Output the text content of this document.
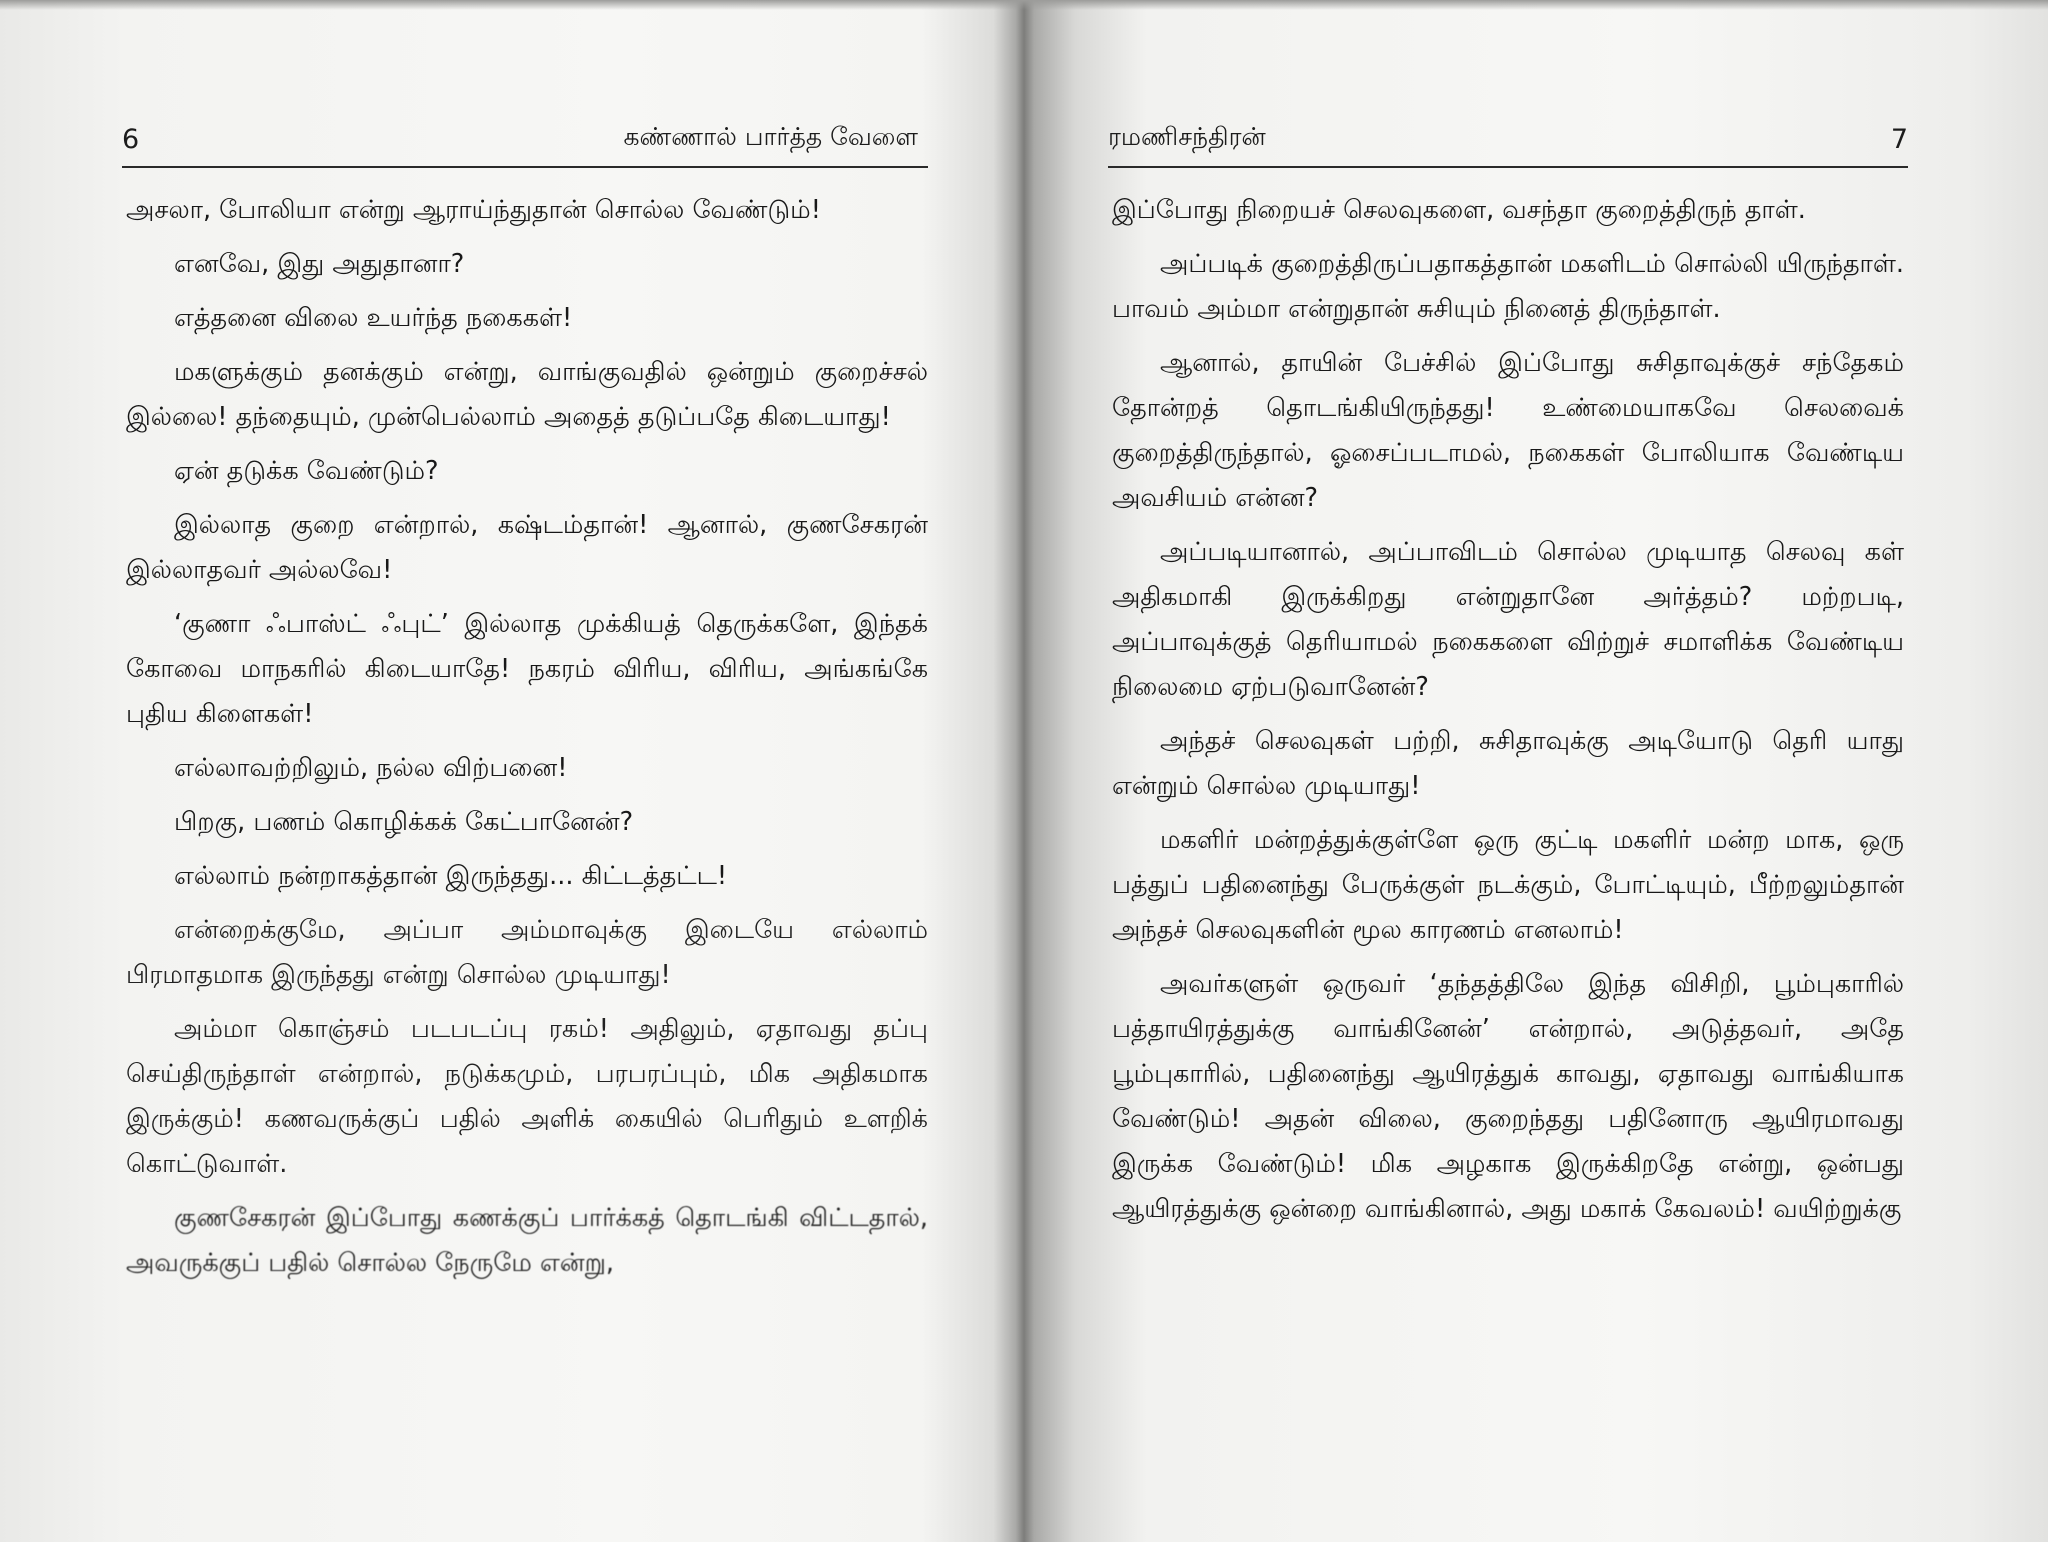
6	கண்ணால் பார்த்த வேளை

அசலா, போலியா என்று ஆராய்ந்துதான் சொல்ல வேண்டும்!

எனவே, இது அதுதானா?

எத்தனை விலை உயர்ந்த நகைகள்!

மகளுக்கும் தனக்கும் என்று, வாங்குவதில் ஒன்றும் குறைச்சல் இல்லை! தந்தையும், முன்பெல்லாம் அதைத் தடுப்பதே கிடையாது!

ஏன் தடுக்க வேண்டும்?

இல்லாத குறை என்றால், கஷ்டம்தான்! ஆனால், குணசேகரன் இல்லாதவர் அல்லவே!

‘குணா ஃபாஸ்ட் ஃபுட்’ இல்லாத முக்கியத் தெருக்களே, இந்தக் கோவை மாநகரில் கிடையாதே! நகரம் விரிய, விரிய, அங்கங்கே புதிய கிளைகள்!

எல்லாவற்றிலும், நல்ல விற்பனை!

பிறகு, பணம் கொழிக்கக் கேட்பானேன்?

எல்லாம் நன்றாகத்தான் இருந்தது... கிட்டத்தட்ட!

என்றைக்குமே, அப்பா அம்மாவுக்கு இடையே எல்லாம் பிரமாதமாக இருந்தது என்று சொல்ல முடியாது!

அம்மா கொஞ்சம் படபடப்பு ரகம்! அதிலும், ஏதாவது தப்பு செய்திருந்தாள் என்றால், நடுக்கமும், பரபரப்பும், மிக அதிகமாக இருக்கும்! கணவருக்குப் பதில் அளிக் கையில் பெரிதும் உளறிக் கொட்டுவாள்.

குணசேகரன் இப்போது கணக்குப் பார்க்கத் தொடங்கி விட்டதால், அவருக்குப் பதில் சொல்ல நேருமே என்று,

ரமணிசந்திரன்	7

இப்போது நிறையச் செலவுகளை, வசந்தா குறைத்திருந் தாள்.

அப்படிக் குறைத்திருப்பதாகத்தான் மகளிடம் சொல்லி யிருந்தாள். பாவம் அம்மா என்றுதான் சுசியும் நினைத் திருந்தாள்.

ஆனால், தாயின் பேச்சில் இப்போது சுசிதாவுக்குச் சந்தேகம் தோன்றத் தொடங்கியிருந்தது! உண்மையாகவே செலவைக் குறைத்திருந்தால், ஓசைப்படாமல், நகைகள் போலியாக வேண்டிய அவசியம் என்ன?

அப்படியானால், அப்பாவிடம் சொல்ல முடியாத செலவு கள் அதிகமாகி இருக்கிறது என்றுதானே அர்த்தம்? மற்றபடி, அப்பாவுக்குத் தெரியாமல் நகைகளை விற்றுச் சமாளிக்க வேண்டிய நிலைமை ஏற்படுவானேன்?

அந்தச் செலவுகள் பற்றி, சுசிதாவுக்கு அடியோடு தெரி யாது என்றும் சொல்ல முடியாது!

மகளிர் மன்றத்துக்குள்ளே ஒரு குட்டி மகளிர் மன்ற மாக, ஒரு பத்துப் பதினைந்து பேருக்குள் நடக்கும், போட்டியும், பீற்றலும்தான் அந்தச் செலவுகளின் மூல காரணம் எனலாம்!

அவர்களுள் ஒருவர் ‘தந்தத்திலே இந்த விசிறி, பூம்புகாரில் பத்தாயிரத்துக்கு வாங்கினேன்’ என்றால், அடுத்தவர், அதே பூம்புகாரில், பதினைந்து ஆயிரத்துக் காவது, ஏதாவது வாங்கியாக வேண்டும்! அதன் விலை, குறைந்தது பதினோரு ஆயிரமாவது இருக்க வேண்டும்! மிக அழகாக இருக்கிறதே என்று, ஒன்பது ஆயிரத்துக்கு ஒன்றை வாங்கினால், அது மகாக் கேவலம்! வயிற்றுக்கு
